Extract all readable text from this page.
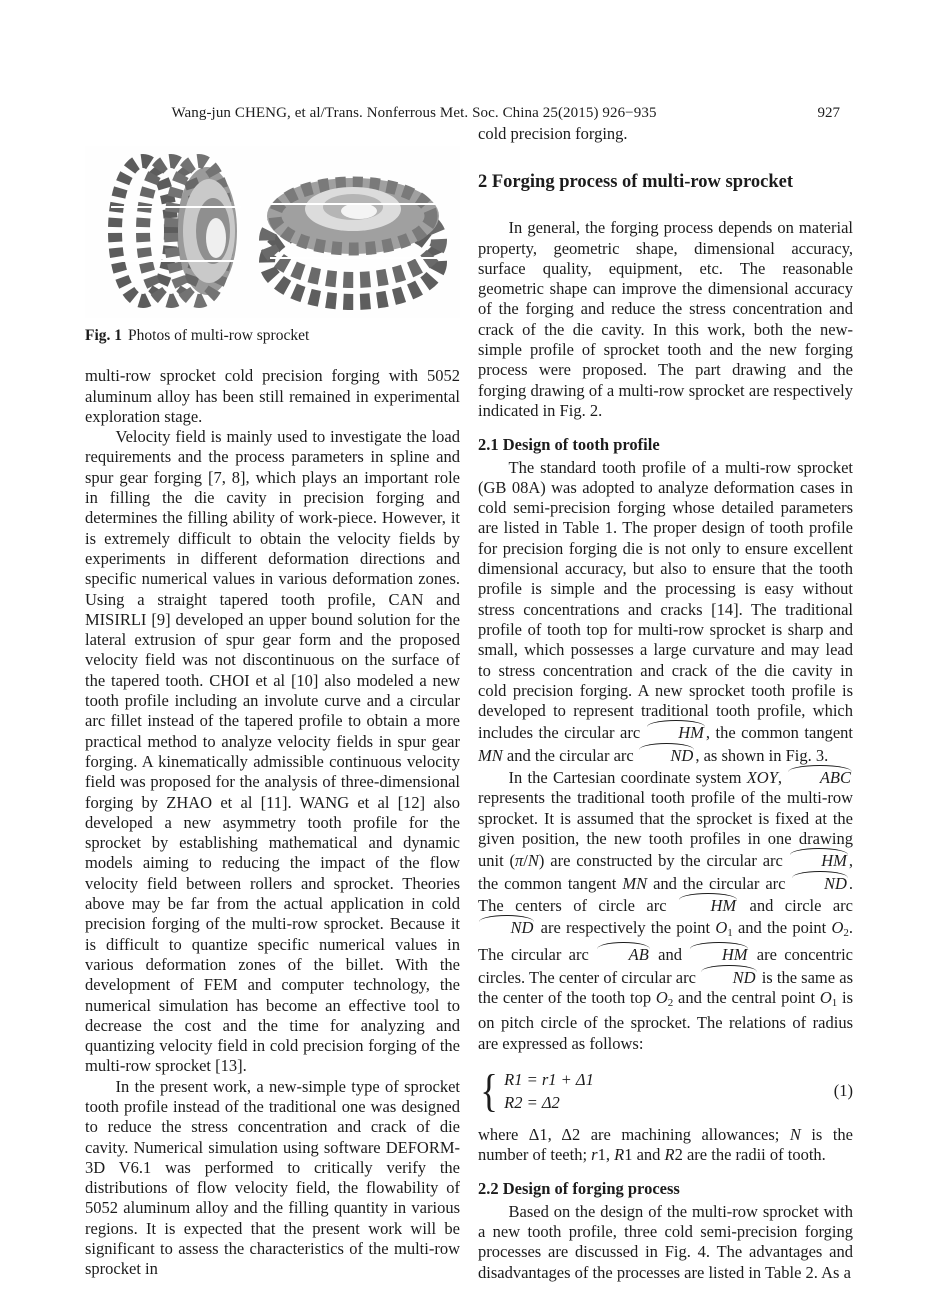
Wang-jun CHENG, et al/Trans. Nonferrous Met. Soc. China 25(2015) 926−935	927
Fig. 1 Photos of multi-row sprocket

multi-row sprocket cold precision forging with 5052 aluminum alloy has been still remained in experimental exploration stage.

Velocity field is mainly used to investigate the load requirements and the process parameters in spline and spur gear forging [7, 8], which plays an important role in filling the die cavity in precision forging and determines the filling ability of work-piece. However, it is extremely difficult to obtain the velocity fields by experiments in different deformation directions and specific numerical values in various deformation zones. Using a straight tapered tooth profile, CAN and MISIRLI [9] developed an upper bound solution for the lateral extrusion of spur gear form and the proposed velocity field was not discontinuous on the surface of the tapered tooth. CHOI et al [10] also modeled a new tooth profile including an involute curve and a circular arc fillet instead of the tapered profile to obtain a more practical method to analyze velocity fields in spur gear forging. A kinematically admissible continuous velocity field was proposed for the analysis of three-dimensional forging by ZHAO et al [11]. WANG et al [12] also developed a new asymmetry tooth profile for the sprocket by establishing mathematical and dynamic models aiming to reducing the impact of the flow velocity field between rollers and sprocket. Theories above may be far from the actual application in cold precision forging of the multi-row sprocket. Because it is difficult to quantize specific numerical values in various deformation zones of the billet. With the development of FEM and computer technology, the numerical simulation has become an effective tool to decrease the cost and the time for analyzing and quantizing velocity field in cold precision forging of the multi-row sprocket [13].

In the present work, a new-simple type of sprocket tooth profile instead of the traditional one was designed to reduce the stress concentration and crack of die cavity. Numerical simulation using software DEFORM-3D V6.1 was performed to critically verify the distributions of flow velocity field, the flowability of 5052 aluminum alloy and the filling quantity in various regions. It is expected that the present work will be significant to assess the characteristics of the multi-row sprocket in

cold precision forging.

2 Forging process of multi-row sprocket

In general, the forging process depends on material property, geometric shape, dimensional accuracy, surface quality, equipment, etc. The reasonable geometric shape can improve the dimensional accuracy of the forging and reduce the stress concentration and crack of the die cavity. In this work, both the new-simple profile of sprocket tooth and the new forging process were proposed. The part drawing and the forging drawing of a multi-row sprocket are respectively indicated in Fig. 2.

2.1 Design of tooth profile

The standard tooth profile of a multi-row sprocket (GB 08A) was adopted to analyze deformation cases in cold semi-precision forging whose detailed parameters are listed in Table 1. The proper design of tooth profile for precision forging die is not only to ensure excellent dimensional accuracy, but also to ensure that the tooth profile is simple and the processing is easy without stress concentrations and cracks [14]. The traditional profile of tooth top for multi-row sprocket is sharp and small, which possesses a large curvature and may lead to stress concentration and crack of the die cavity in cold precision forging. A new sprocket tooth profile is developed to represent traditional tooth profile, which includes the circular arc HM , the common tangent MN and the circular arc ND , as shown in Fig. 3.

In the Cartesian coordinate system XOY, ABC represents the traditional tooth profile of the multi-row sprocket. It is assumed that the sprocket is fixed at the given position, the new tooth profiles in one drawing unit (π/N) are constructed by the circular arc HM , the common tangent MN and the circular arc ND . The centers of circle arc HM and circle arc ND are respectively the point O1 and the point O2. The circular arc AB and HM are concentric circles. The center of circular arc ND is the same as the center of the tooth top O2 and the central point O1 is on pitch circle of the sprocket. The relations of radius are expressed as follows:

{ R1 = r1 + Δ1
R2 = Δ2
(1)

where Δ1, Δ2 are machining allowances; N is the number of teeth; r1, R1 and R2 are the radii of tooth.

2.2 Design of forging process

Based on the design of the multi-row sprocket with a new tooth profile, three cold semi-precision forging processes are discussed in Fig. 4. The advantages and disadvantages of the processes are listed in Table 2. As a
